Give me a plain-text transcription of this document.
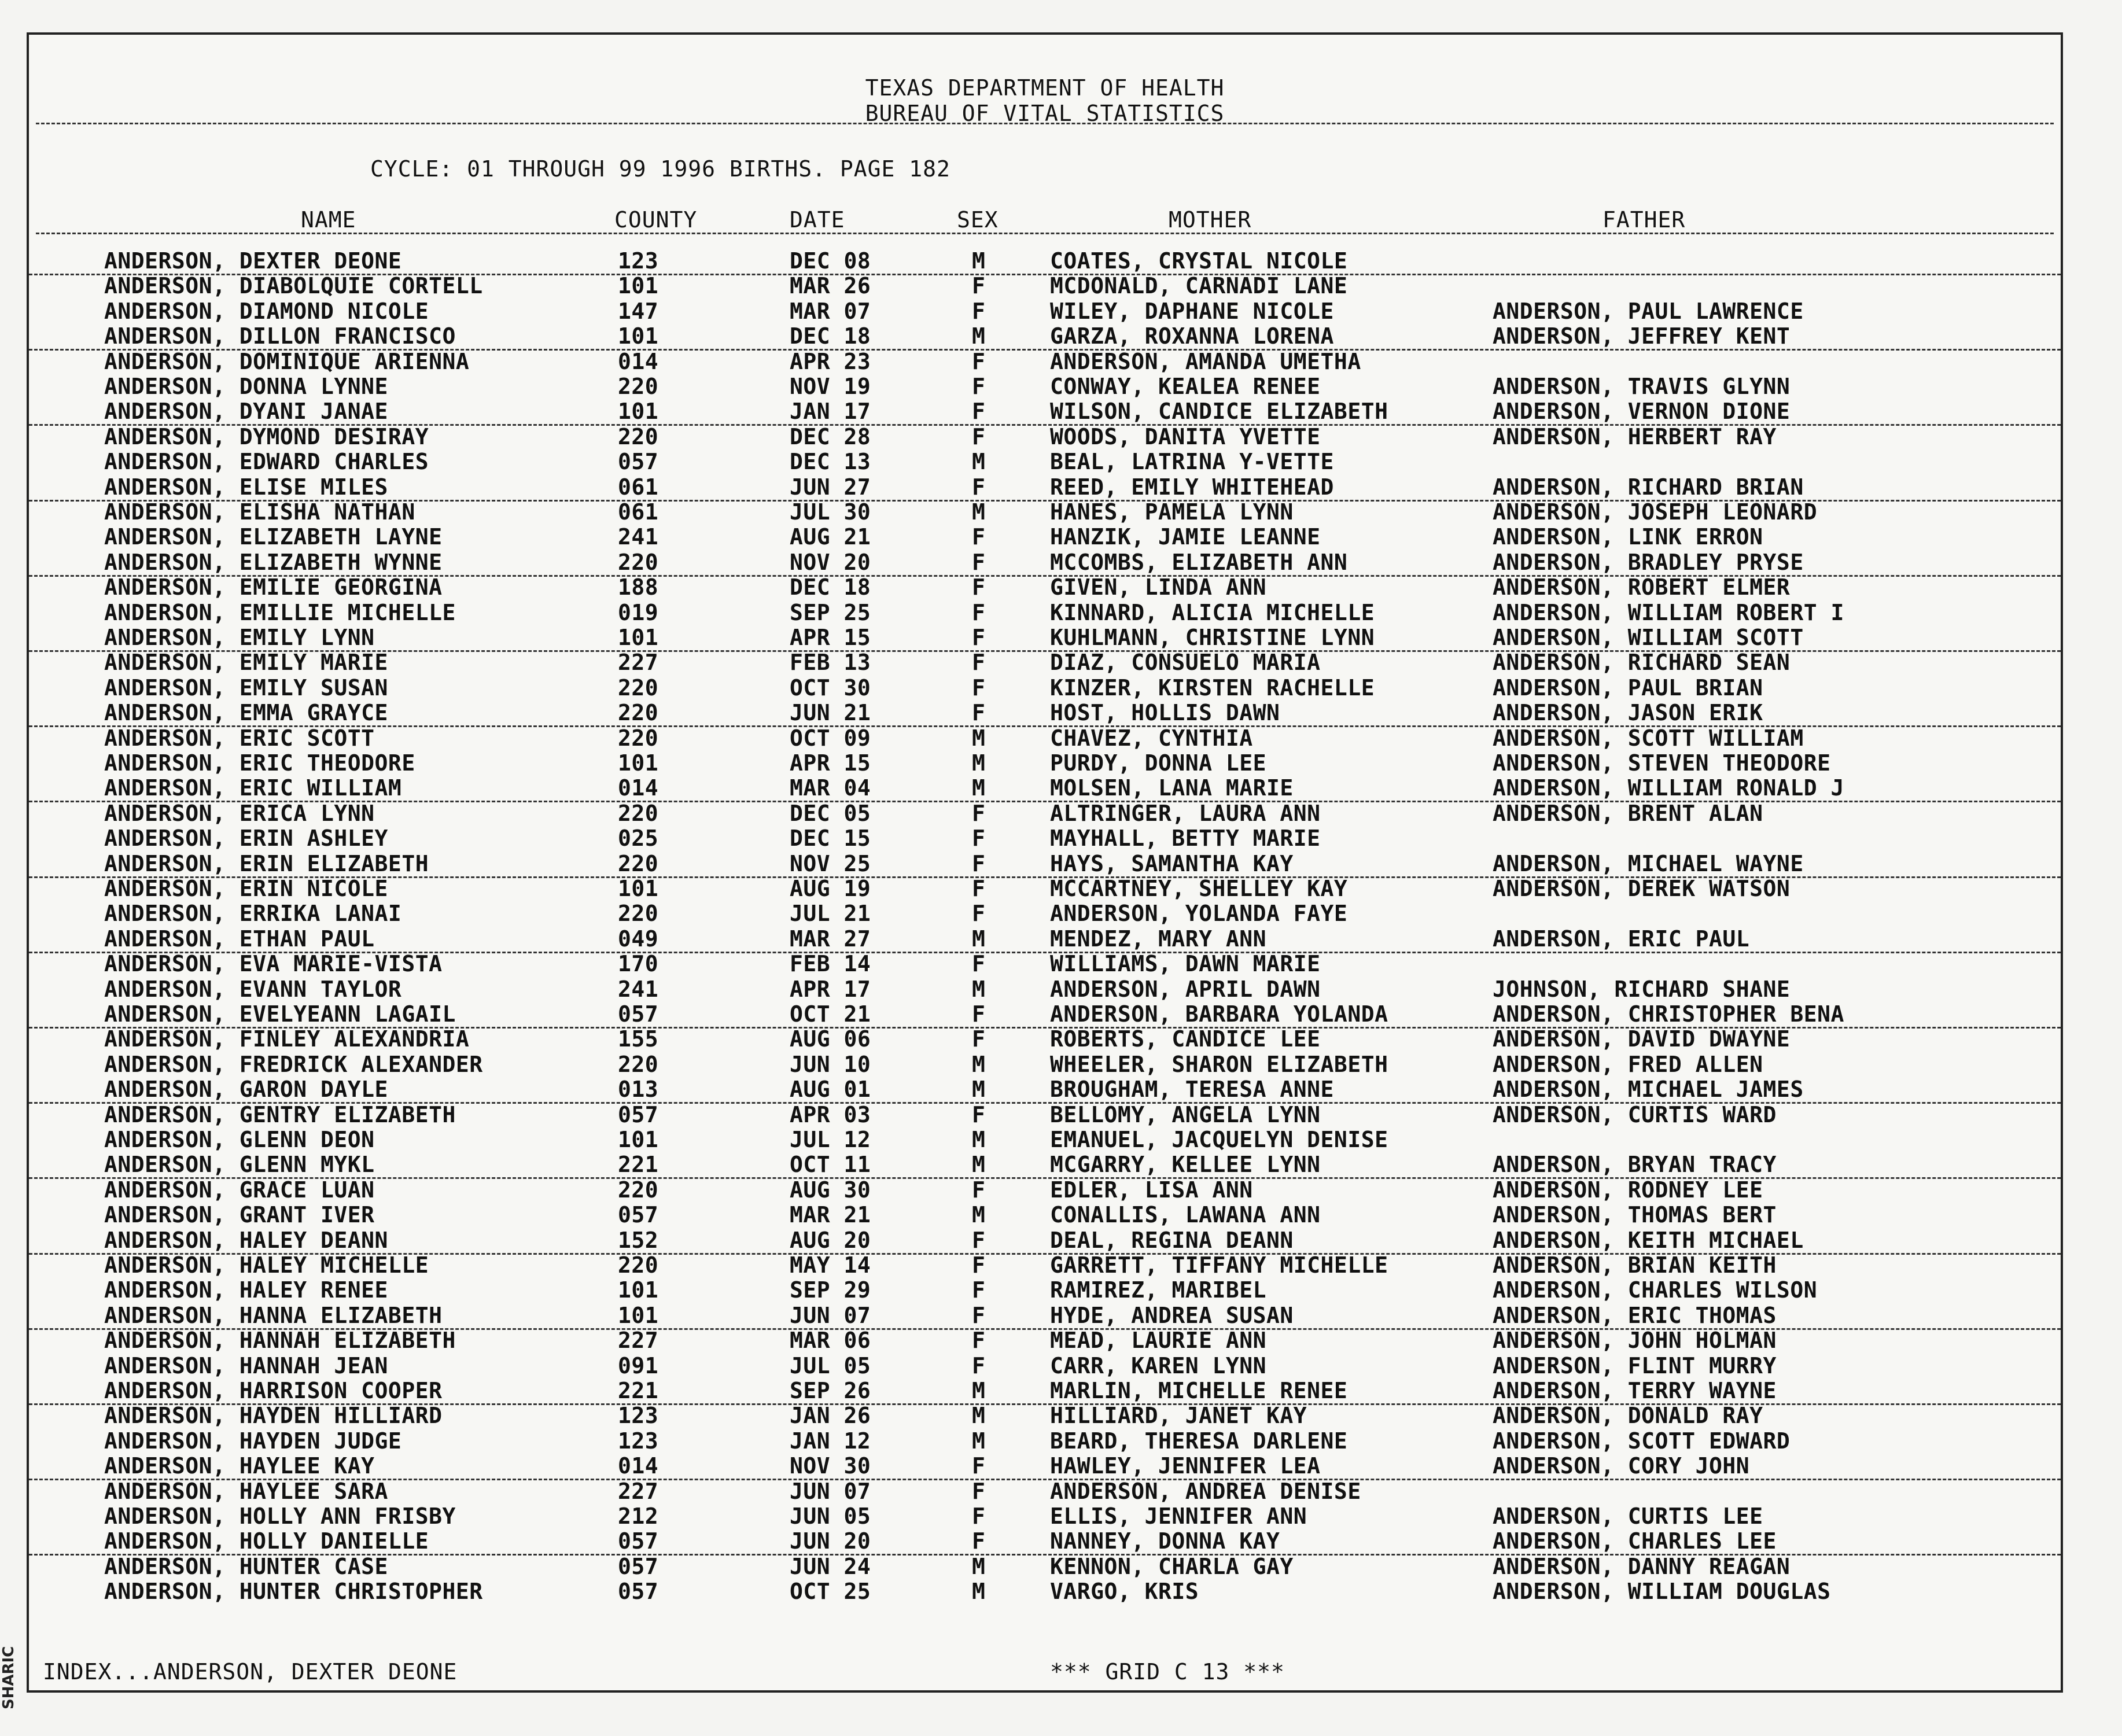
SHARIC
TEXAS DEPARTMENT OF HEALTH
BUREAU OF VITAL STATISTICS
CYCLE: 01 THROUGH 99 1996 BIRTHS. PAGE 182
NAME	COUNTY	DATE	SEX	MOTHER	FATHER
ANDERSON, DEXTER DEONE	123	DEC 08	M	COATES, CRYSTAL NICOLE
ANDERSON, DIABOLQUIE CORTELL	101	MAR 26	F	MCDONALD, CARNADI LANE
ANDERSON, DIAMOND NICOLE	147	MAR 07	F	WILEY, DAPHANE NICOLE	ANDERSON, PAUL LAWRENCE
ANDERSON, DILLON FRANCISCO	101	DEC 18	M	GARZA, ROXANNA LORENA	ANDERSON, JEFFREY KENT
ANDERSON, DOMINIQUE ARIENNA	014	APR 23	F	ANDERSON, AMANDA UMETHA
ANDERSON, DONNA LYNNE	220	NOV 19	F	CONWAY, KEALEA RENEE	ANDERSON, TRAVIS GLYNN
ANDERSON, DYANI JANAE	101	JAN 17	F	WILSON, CANDICE ELIZABETH	ANDERSON, VERNON DIONE
ANDERSON, DYMOND DESIRAY	220	DEC 28	F	WOODS, DANITA YVETTE	ANDERSON, HERBERT RAY
ANDERSON, EDWARD CHARLES	057	DEC 13	M	BEAL, LATRINA Y-VETTE
ANDERSON, ELISE MILES	061	JUN 27	F	REED, EMILY WHITEHEAD	ANDERSON, RICHARD BRIAN
ANDERSON, ELISHA NATHAN	061	JUL 30	M	HANES, PAMELA LYNN	ANDERSON, JOSEPH LEONARD
ANDERSON, ELIZABETH LAYNE	241	AUG 21	F	HANZIK, JAMIE LEANNE	ANDERSON, LINK ERRON
ANDERSON, ELIZABETH WYNNE	220	NOV 20	F	MCCOMBS, ELIZABETH ANN	ANDERSON, BRADLEY PRYSE
ANDERSON, EMILIE GEORGINA	188	DEC 18	F	GIVEN, LINDA ANN	ANDERSON, ROBERT ELMER
ANDERSON, EMILLIE MICHELLE	019	SEP 25	F	KINNARD, ALICIA MICHELLE	ANDERSON, WILLIAM ROBERT I
ANDERSON, EMILY LYNN	101	APR 15	F	KUHLMANN, CHRISTINE LYNN	ANDERSON, WILLIAM SCOTT
ANDERSON, EMILY MARIE	227	FEB 13	F	DIAZ, CONSUELO MARIA	ANDERSON, RICHARD SEAN
ANDERSON, EMILY SUSAN	220	OCT 30	F	KINZER, KIRSTEN RACHELLE	ANDERSON, PAUL BRIAN
ANDERSON, EMMA GRAYCE	220	JUN 21	F	HOST, HOLLIS DAWN	ANDERSON, JASON ERIK
ANDERSON, ERIC SCOTT	220	OCT 09	M	CHAVEZ, CYNTHIA	ANDERSON, SCOTT WILLIAM
ANDERSON, ERIC THEODORE	101	APR 15	M	PURDY, DONNA LEE	ANDERSON, STEVEN THEODORE
ANDERSON, ERIC WILLIAM	014	MAR 04	M	MOLSEN, LANA MARIE	ANDERSON, WILLIAM RONALD J
ANDERSON, ERICA LYNN	220	DEC 05	F	ALTRINGER, LAURA ANN	ANDERSON, BRENT ALAN
ANDERSON, ERIN ASHLEY	025	DEC 15	F	MAYHALL, BETTY MARIE
ANDERSON, ERIN ELIZABETH	220	NOV 25	F	HAYS, SAMANTHA KAY	ANDERSON, MICHAEL WAYNE
ANDERSON, ERIN NICOLE	101	AUG 19	F	MCCARTNEY, SHELLEY KAY	ANDERSON, DEREK WATSON
ANDERSON, ERRIKA LANAI	220	JUL 21	F	ANDERSON, YOLANDA FAYE
ANDERSON, ETHAN PAUL	049	MAR 27	M	MENDEZ, MARY ANN	ANDERSON, ERIC PAUL
ANDERSON, EVA MARIE-VISTA	170	FEB 14	F	WILLIAMS, DAWN MARIE
ANDERSON, EVANN TAYLOR	241	APR 17	M	ANDERSON, APRIL DAWN	JOHNSON, RICHARD SHANE
ANDERSON, EVELYEANN LAGAIL	057	OCT 21	F	ANDERSON, BARBARA YOLANDA	ANDERSON, CHRISTOPHER BENA
ANDERSON, FINLEY ALEXANDRIA	155	AUG 06	F	ROBERTS, CANDICE LEE	ANDERSON, DAVID DWAYNE
ANDERSON, FREDRICK ALEXANDER	220	JUN 10	M	WHEELER, SHARON ELIZABETH	ANDERSON, FRED ALLEN
ANDERSON, GARON DAYLE	013	AUG 01	M	BROUGHAM, TERESA ANNE	ANDERSON, MICHAEL JAMES
ANDERSON, GENTRY ELIZABETH	057	APR 03	F	BELLOMY, ANGELA LYNN	ANDERSON, CURTIS WARD
ANDERSON, GLENN DEON	101	JUL 12	M	EMANUEL, JACQUELYN DENISE
ANDERSON, GLENN MYKL	221	OCT 11	M	MCGARRY, KELLEE LYNN	ANDERSON, BRYAN TRACY
ANDERSON, GRACE LUAN	220	AUG 30	F	EDLER, LISA ANN	ANDERSON, RODNEY LEE
ANDERSON, GRANT IVER	057	MAR 21	M	CONALLIS, LAWANA ANN	ANDERSON, THOMAS BERT
ANDERSON, HALEY DEANN	152	AUG 20	F	DEAL, REGINA DEANN	ANDERSON, KEITH MICHAEL
ANDERSON, HALEY MICHELLE	220	MAY 14	F	GARRETT, TIFFANY MICHELLE	ANDERSON, BRIAN KEITH
ANDERSON, HALEY RENEE	101	SEP 29	F	RAMIREZ, MARIBEL	ANDERSON, CHARLES WILSON
ANDERSON, HANNA ELIZABETH	101	JUN 07	F	HYDE, ANDREA SUSAN	ANDERSON, ERIC THOMAS
ANDERSON, HANNAH ELIZABETH	227	MAR 06	F	MEAD, LAURIE ANN	ANDERSON, JOHN HOLMAN
ANDERSON, HANNAH JEAN	091	JUL 05	F	CARR, KAREN LYNN	ANDERSON, FLINT MURRY
ANDERSON, HARRISON COOPER	221	SEP 26	M	MARLIN, MICHELLE RENEE	ANDERSON, TERRY WAYNE
ANDERSON, HAYDEN HILLIARD	123	JAN 26	M	HILLIARD, JANET KAY	ANDERSON, DONALD RAY
ANDERSON, HAYDEN JUDGE	123	JAN 12	M	BEARD, THERESA DARLENE	ANDERSON, SCOTT EDWARD
ANDERSON, HAYLEE KAY	014	NOV 30	F	HAWLEY, JENNIFER LEA	ANDERSON, CORY JOHN
ANDERSON, HAYLEE SARA	227	JUN 07	F	ANDERSON, ANDREA DENISE
ANDERSON, HOLLY ANN FRISBY	212	JUN 05	F	ELLIS, JENNIFER ANN	ANDERSON, CURTIS LEE
ANDERSON, HOLLY DANIELLE	057	JUN 20	F	NANNEY, DONNA KAY	ANDERSON, CHARLES LEE
ANDERSON, HUNTER CASE	057	JUN 24	M	KENNON, CHARLA GAY	ANDERSON, DANNY REAGAN
ANDERSON, HUNTER CHRISTOPHER	057	OCT 25	M	VARGO, KRIS	ANDERSON, WILLIAM DOUGLAS
INDEX...ANDERSON, DEXTER DEONE	*** GRID C 13 ***
